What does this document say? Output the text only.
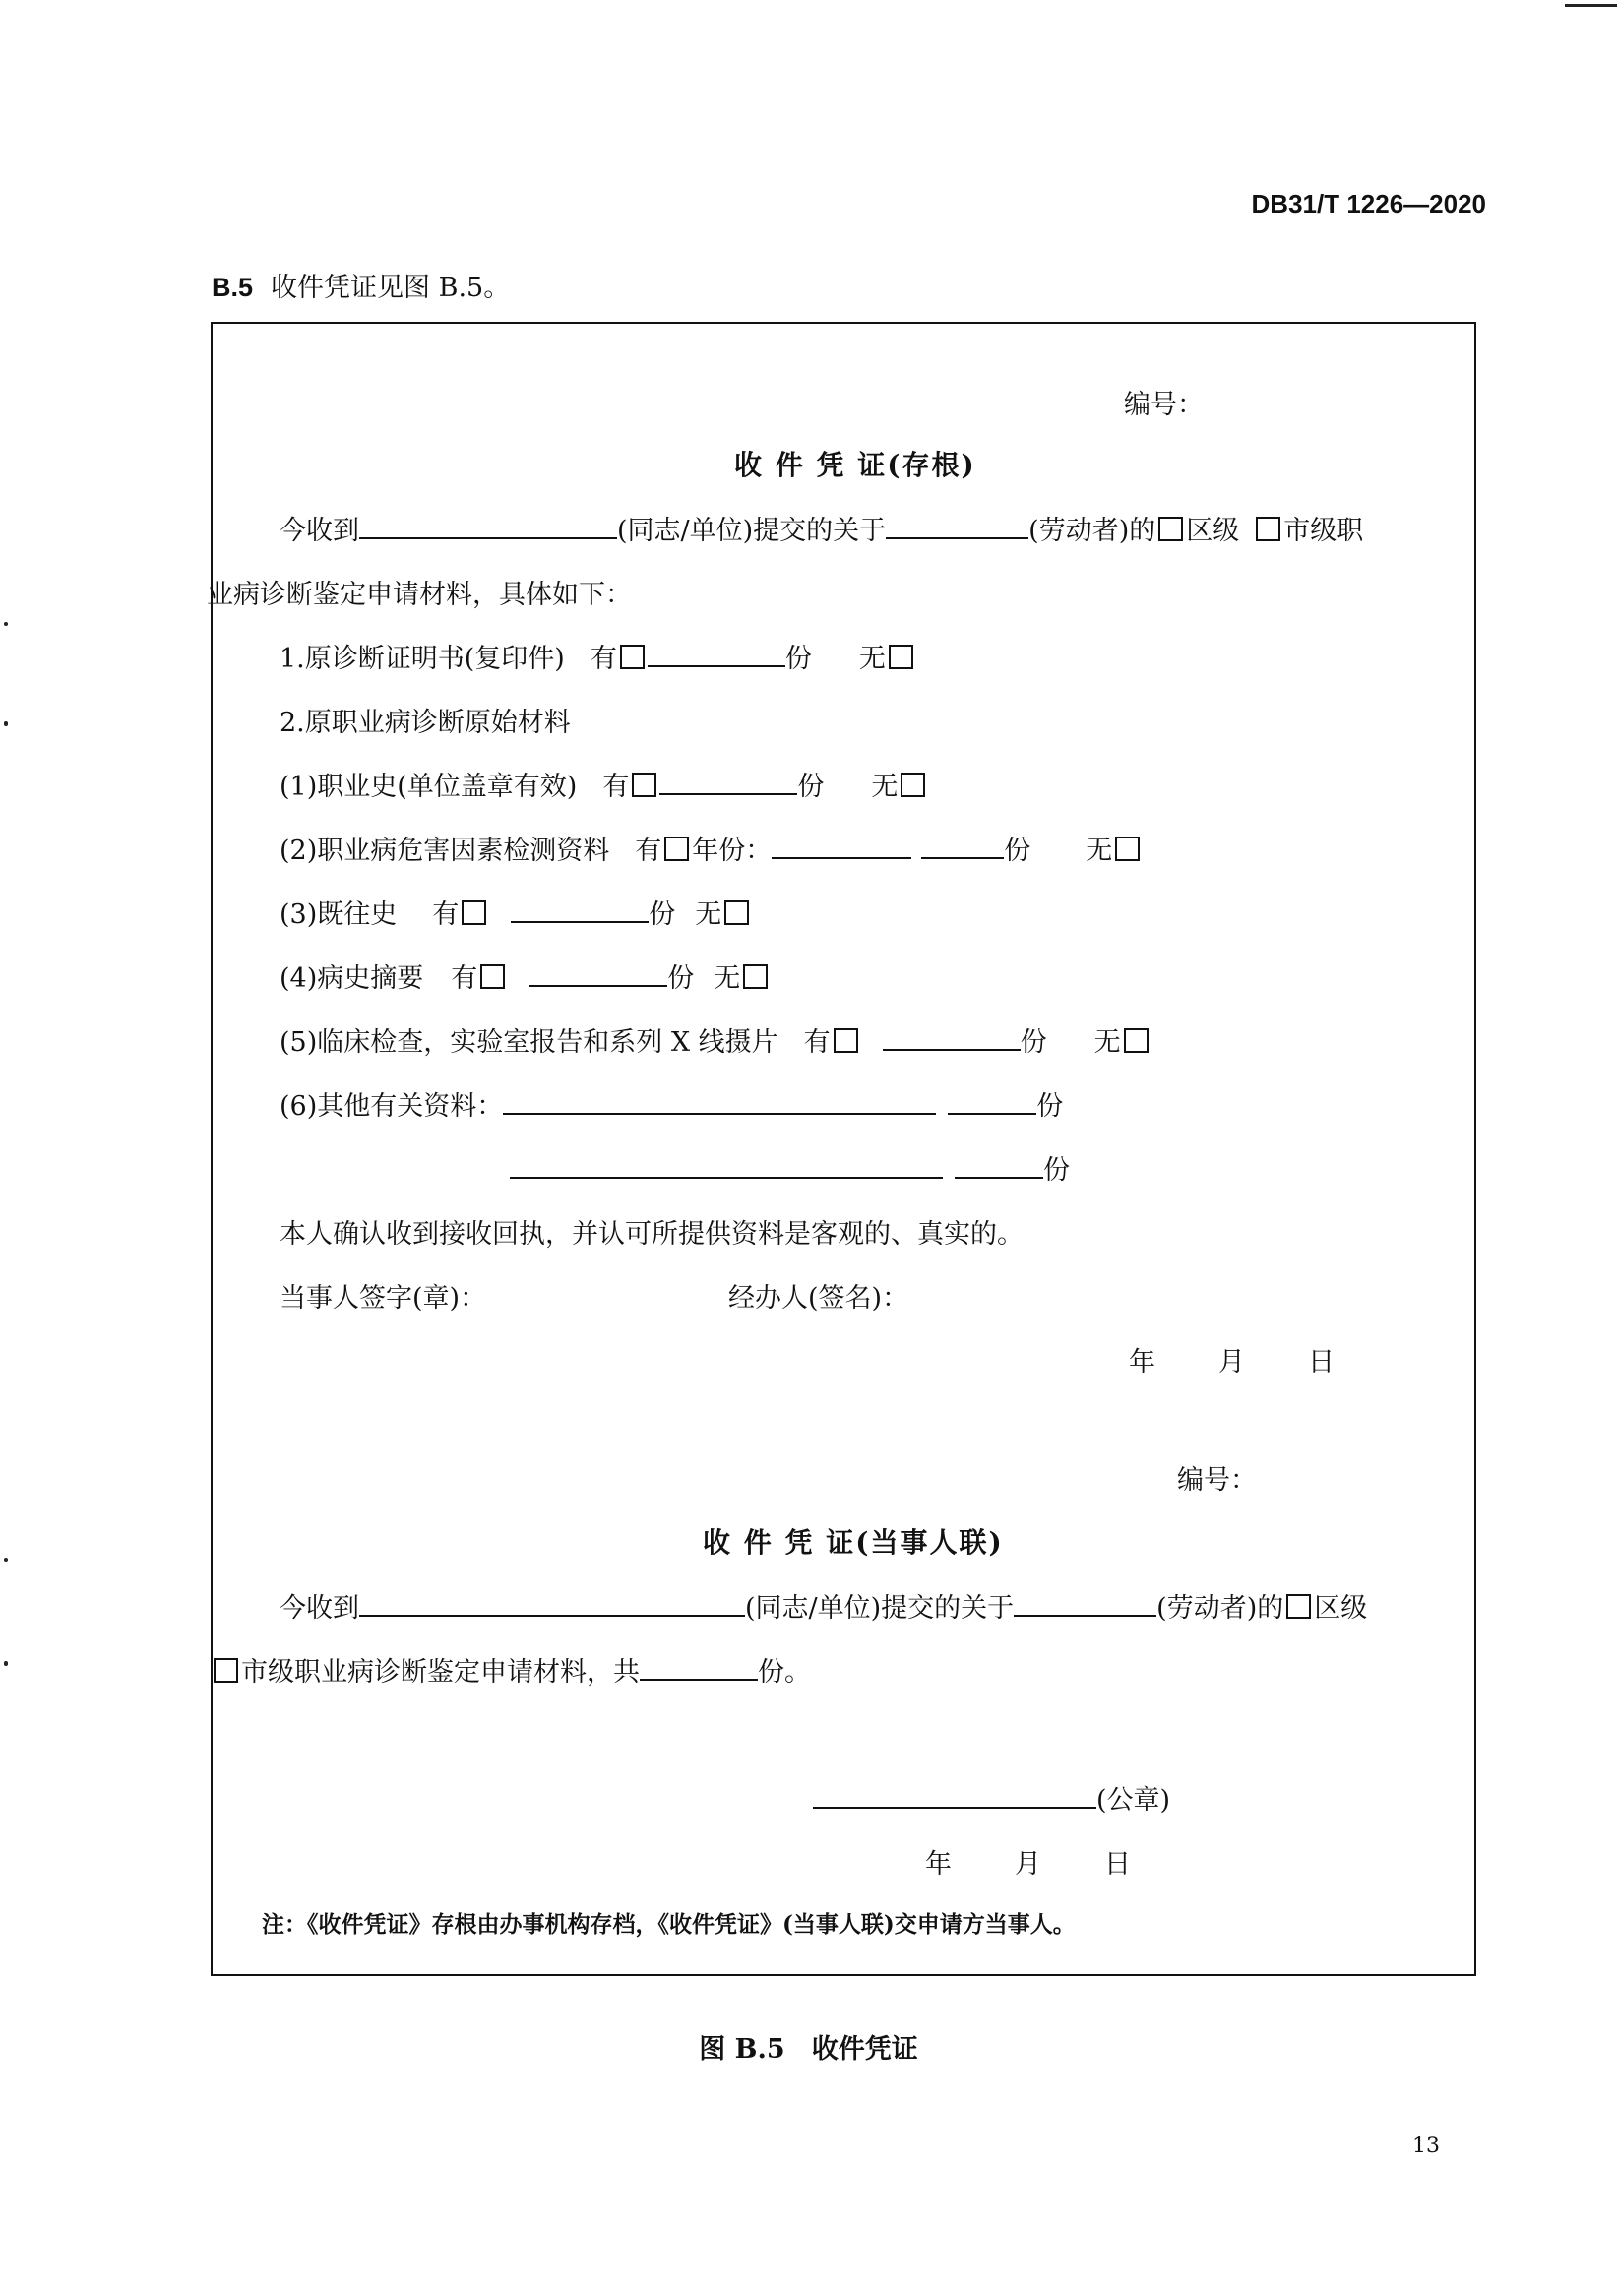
DB31/T 1226—2020
B.5 收件凭证见图 B.5。
编号：
收 件 凭 证(存根)
今收到	(同志/单位)提交的关于	(劳动者)的 区级 市级职
业病诊断鉴定申请材料，具体如下：
1.原诊断证明书(复印件) 有	份 无
2.原职业病诊断原始材料
(1)职业史(单位盖章有效) 有	份 无
(2)职业病危害因素检测资料 有 年份：	份 无
(3)既往史 有	份 无
(4)病史摘要 有	份 无
(5)临床检查，实验室报告和系列 X 线摄片 有	份 无
(6)其他有关资料：	份
份
本人确认收到接收回执，并认可所提供资料是客观的、真实的。
当事人签字(章)：	经办人(签名)：
年 月 日
编号：
收 件 凭 证(当事人联)
今收到	(同志/单位)提交的关于	(劳动者)的 区级
市级职业病诊断鉴定申请材料，共	份。
(公章)
年 月 日
注：《收件凭证》存根由办事机构存档，《收件凭证》(当事人联)交申请方当事人。
图 B.5　收件凭证
13
